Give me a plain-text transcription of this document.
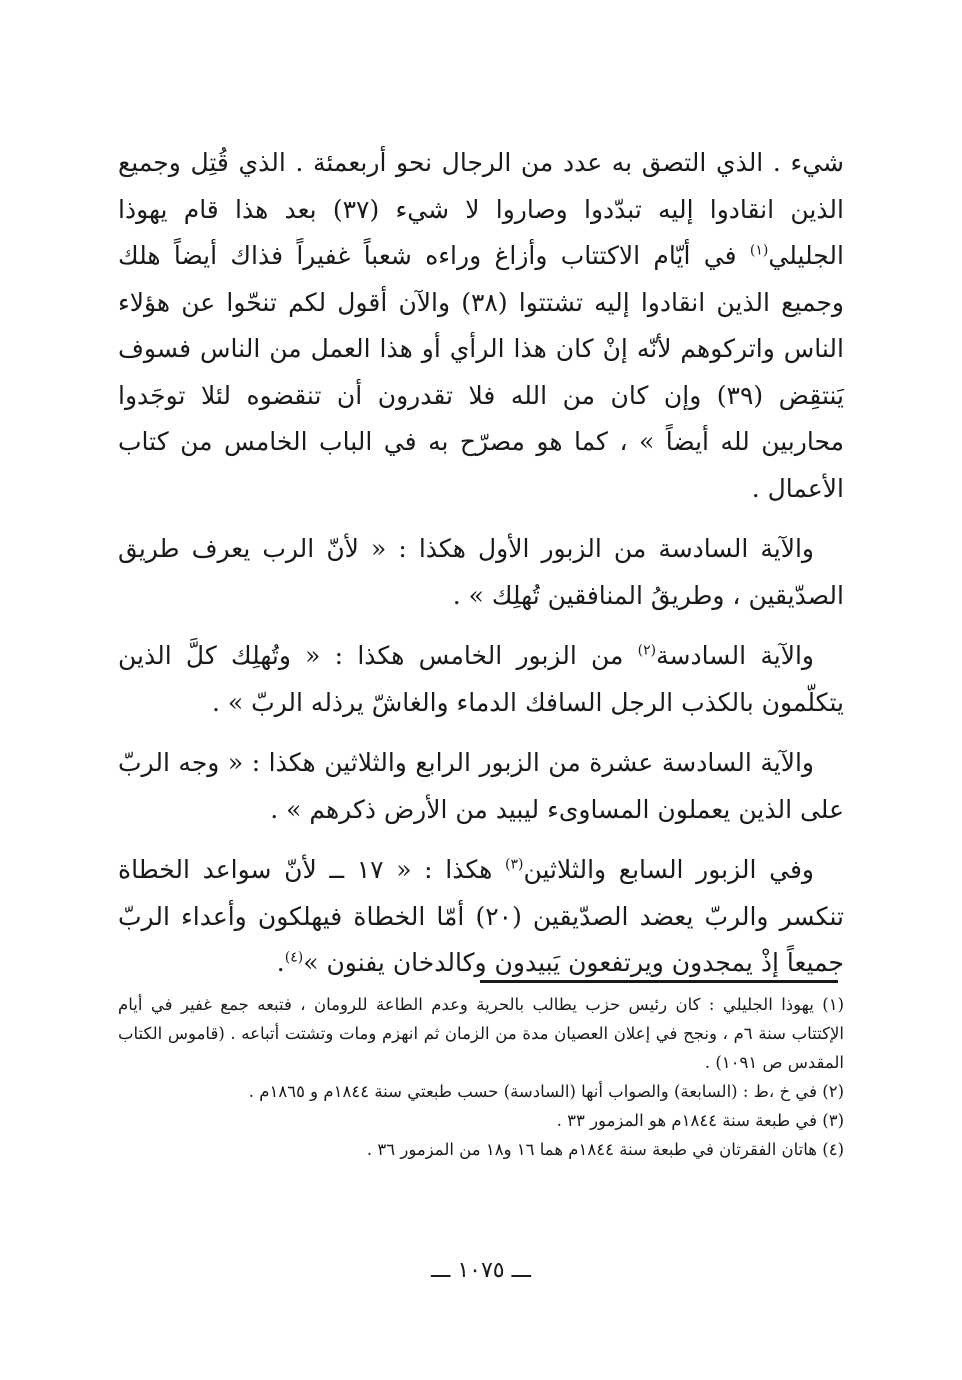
شيء . الذي التصق به عدد من الرجال نحو أربعمئة . الذي قُتِل وجميع الذين انقادوا إليه تبدّدوا وصاروا لا شيء (٣٧) بعد هذا قام يهوذا الجليلي$^{(١)}$ في أيّام الاكتتاب وأزاغ وراءه شعباً غفيراً فذاك أيضاً هلك وجميع الذين انقادوا إليه تشتتوا (٣٨) والآن أقول لكم تنحّوا عن هؤلاء الناس واتركوهم لأنّه إنْ كان هذا الرأي أو هذا العمل من الناس فسوف يَنتقِض (٣٩) وإن كان من الله فلا تقدرون أن تنقضوه لئلا توجَدوا محاربين لله أيضاً » ، كما هو مصرّح به في الباب الخامس من كتاب الأعمال .

والآية السادسة من الزبور الأول هكذا : « لأنّ الرب يعرف طريق الصدّيقين ، وطريقُ المنافقين تُهلِك » .

والآية السادسة$^{(٢)}$ من الزبور الخامس هكذا : « وتُهلِك كلَّ الذين يتكلّمون بالكذب الرجل السافك الدماء والغاشّ يرذله الربّ » .

والآية السادسة عشرة من الزبور الرابع والثلاثين هكذا : « وجه الربّ على الذين يعملون المساوىء ليبيد من الأرض ذكرهم » .

وفي الزبور السابع والثلاثين$^{(٣)}$ هكذا : « ١٧ ــ لأنّ سواعد الخطاة تنكسر والربّ يعضد الصدّيقين (٢٠) أمّا الخطاة فيهلكون وأعداء الربّ جميعاً إذْ يمجدون ويرتفعون يَبيدون وكالدخان يفنون »$^{(٤)}$.

(١) يهوذا الجليلي : كان رئيس حزب يطالب بالحرية وعدم الطاعة للرومان ، فتبعه جمع غفير في أيام الإكتتاب سنة ٦م ، ونجح في إعلان العصيان مدة من الزمان ثم انهزم ومات وتشتت أتباعه . (قاموس الكتاب المقدس ص ١٠٩١) .

(٢) في خ ،ط : (السابعة) والصواب أنها (السادسة) حسب طبعتي سنة ١٨٤٤م و ١٨٦٥م .

(٣) في طبعة سنة ١٨٤٤م هو المزمور ٣٣ .

(٤) هاتان الفقرتان في طبعة سنة ١٨٤٤م هما ١٦ و١٨ من المزمور ٣٦ .

ـــ ١٠٧٥ ـــ
